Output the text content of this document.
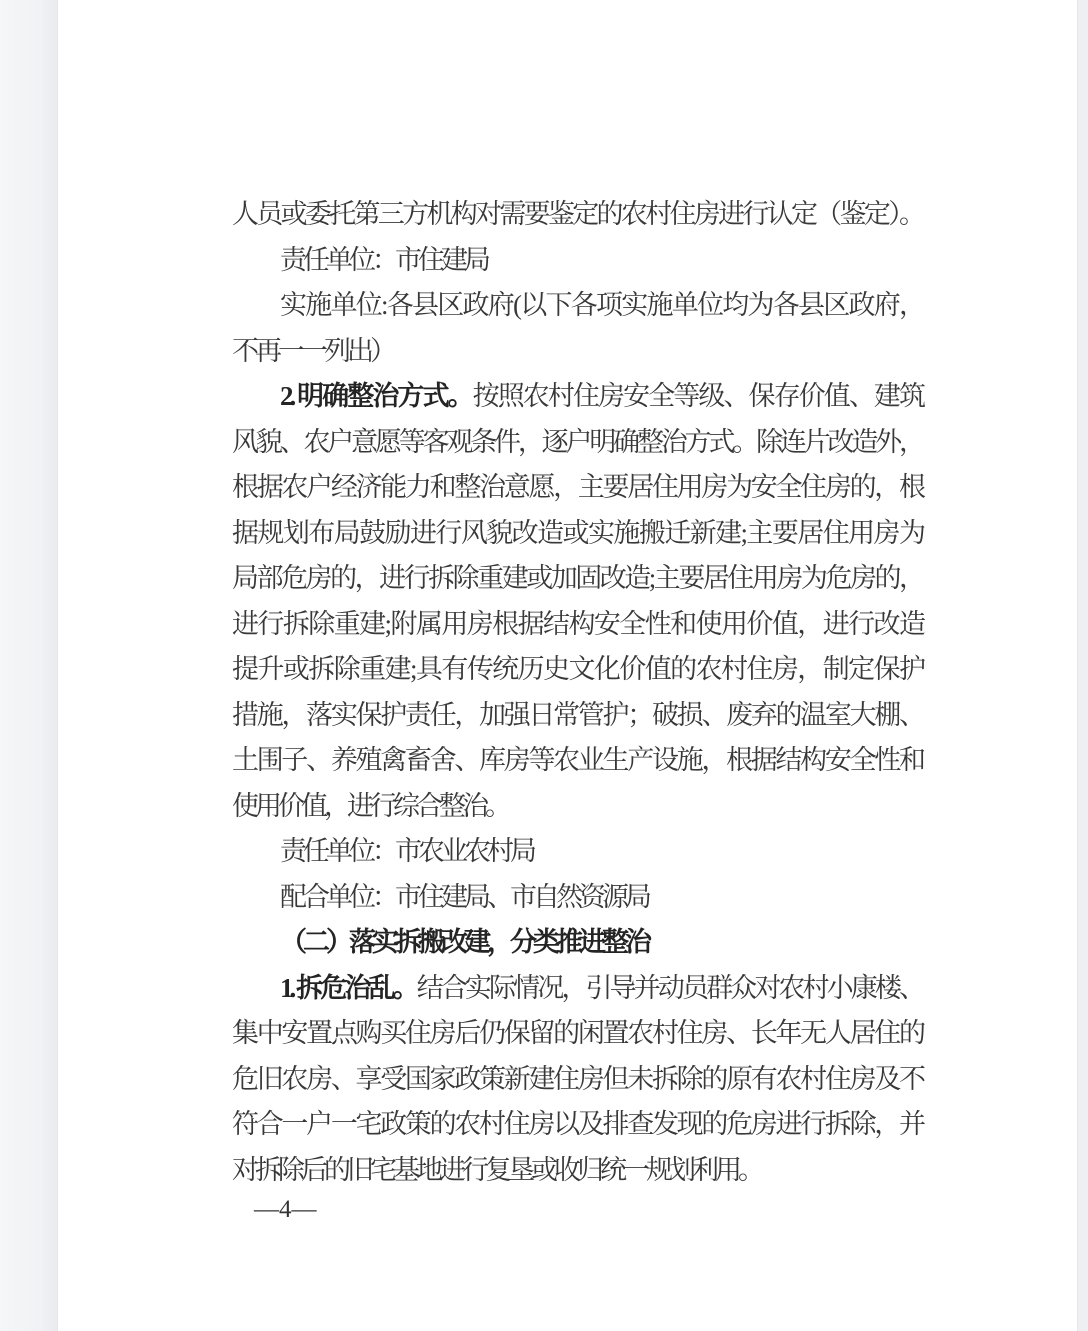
人员或委托第三方机构对需要鉴定的农村住房进行认定（鉴定）。

责任单位：市住建局

实施单位:各县区政府(以下各项实施单位均为各县区政府，

不再一一列出）

2. 明确整治方式。按照农村住房安全等级、保存价值、建筑

风貌、农户意愿等客观条件，逐户明确整治方式。除连片改造外，

根据农户经济能力和整治意愿，主要居住用房为安全住房的，根

据规划布局鼓励进行风貌改造或实施搬迁新建;主要居住用房为

局部危房的，进行拆除重建或加固改造;主要居住用房为危房的，

进行拆除重建;附属用房根据结构安全性和使用价值，进行改造

提升或拆除重建;具有传统历史文化价值的农村住房，制定保护

措施，落实保护责任，加强日常管护；破损、废弃的温室大棚、

土围子、养殖禽畜舍、库房等农业生产设施，根据结构安全性和

使用价值，进行综合整治。

责任单位：市农业农村局

配合单位：市住建局、市自然资源局

（二）落实拆搬改建，分类推进整治

1. 拆危治乱。结合实际情况，引导并动员群众对农村小康楼、

集中安置点购买住房后仍保留的闲置农村住房、长年无人居住的

危旧农房、享受国家政策新建住房但未拆除的原有农村住房及不

符合一户一宅政策的农村住房以及排查发现的危房进行拆除，并

对拆除后的旧宅基地进行复垦或收归统一规划利用。

—4—
